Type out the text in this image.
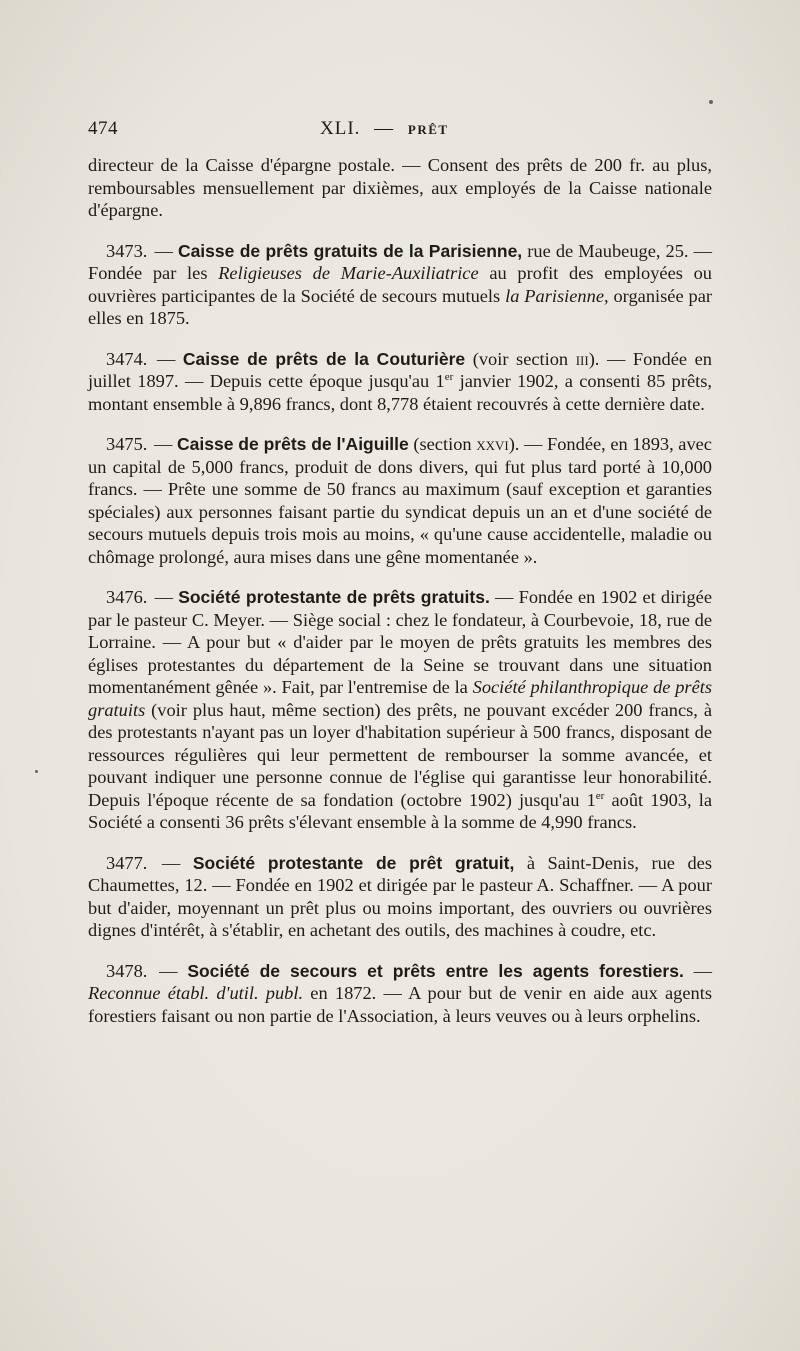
474	XLI. — PRÊT

directeur de la Caisse d'épargne postale. — Consent des prêts de 200 fr. au plus, remboursables mensuellement par dixièmes, aux employés de la Caisse nationale d'épargne.

3473. — Caisse de prêts gratuits de la Parisienne, rue de Maubeuge, 25. — Fondée par les Religieuses de Marie-Auxiliatrice au profit des employées ou ouvrières participantes de la Société de secours mutuels la Parisienne, organisée par elles en 1875.

3474. — Caisse de prêts de la Couturière (voir section iii). — Fondée en juillet 1897. — Depuis cette époque jusqu'au 1er janvier 1902, a consenti 85 prêts, montant ensemble à 9,896 francs, dont 8,778 étaient recouvrés à cette dernière date.

3475. — Caisse de prêts de l'Aiguille (section xxvi). — Fondée, en 1893, avec un capital de 5,000 francs, produit de dons divers, qui fut plus tard porté à 10,000 francs. — Prête une somme de 50 francs au maximum (sauf exception et garanties spéciales) aux personnes faisant partie du syndicat depuis un an et d'une société de secours mutuels depuis trois mois au moins, « qu'une cause accidentelle, maladie ou chômage prolongé, aura mises dans une gêne momentanée ».

3476. — Société protestante de prêts gratuits. — Fondée en 1902 et dirigée par le pasteur C. Meyer. — Siège social : chez le fondateur, à Courbevoie, 18, rue de Lorraine. — A pour but « d'aider par le moyen de prêts gratuits les membres des églises protestantes du département de la Seine se trouvant dans une situation momentanément gênée ». Fait, par l'entremise de la Société philanthropique de prêts gratuits (voir plus haut, même section) des prêts, ne pouvant excéder 200 francs, à des protestants n'ayant pas un loyer d'habitation supérieur à 500 francs, disposant de ressources régulières qui leur permettent de rembourser la somme avancée, et pouvant indiquer une personne connue de l'église qui garantisse leur honorabilité. Depuis l'époque récente de sa fondation (octobre 1902) jusqu'au 1er août 1903, la Société a consenti 36 prêts s'élevant ensemble à la somme de 4,990 francs.

3477. — Société protestante de prêt gratuit, à Saint-Denis, rue des Chaumettes, 12. — Fondée en 1902 et dirigée par le pasteur A. Schaffner. — A pour but d'aider, moyennant un prêt plus ou moins important, des ouvriers ou ouvrières dignes d'intérêt, à s'établir, en achetant des outils, des machines à coudre, etc.

3478. — Société de secours et prêts entre les agents forestiers. — Reconnue établ. d'util. publ. en 1872. — A pour but de venir en aide aux agents forestiers faisant ou non partie de l'Association, à leurs veuves ou à leurs orphelins.
